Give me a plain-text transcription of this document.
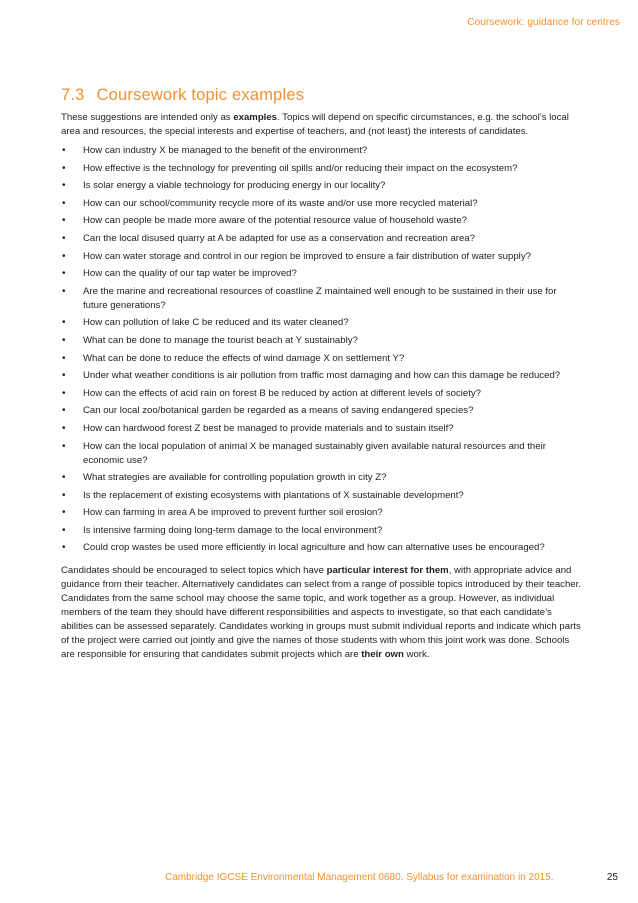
Coursework: guidance for centres
7.3 Coursework topic examples

These suggestions are intended only as examples. Topics will depend on specific circumstances, e.g. the school’s local area and resources, the special interests and expertise of teachers, and (not least) the interests of candidates.

• How can industry X be managed to the benefit of the environment?
• How effective is the technology for preventing oil spills and/or reducing their impact on the ecosystem?
• Is solar energy a viable technology for producing energy in our locality?
• How can our school/community recycle more of its waste and/or use more recycled material?
• How can people be made more aware of the potential resource value of household waste?
• Can the local disused quarry at A be adapted for use as a conservation and recreation area?
• How can water storage and control in our region be improved to ensure a fair distribution of water supply?
• How can the quality of our tap water be improved?
• Are the marine and recreational resources of coastline Z maintained well enough to be sustained in their use for future generations?
• How can pollution of lake C be reduced and its water cleaned?
• What can be done to manage the tourist beach at Y sustainably?
• What can be done to reduce the effects of wind damage X on settlement Y?
• Under what weather conditions is air pollution from traffic most damaging and how can this damage be reduced?
• How can the effects of acid rain on forest B be reduced by action at different levels of society?
• Can our local zoo/botanical garden be regarded as a means of saving endangered species?
• How can hardwood forest Z best be managed to provide materials and to sustain itself?
• How can the local population of animal X be managed sustainably given available natural resources and their economic use?
• What strategies are available for controlling population growth in city Z?
• Is the replacement of existing ecosystems with plantations of X sustainable development?
• How can farming in area A be improved to prevent further soil erosion?
• Is intensive farming doing long-term damage to the local environment?
• Could crop wastes be used more efficiently in local agriculture and how can alternative uses be encouraged?

Candidates should be encouraged to select topics which have particular interest for them, with appropriate advice and guidance from their teacher. Alternatively candidates can select from a range of possible topics introduced by their teacher. Candidates from the same school may choose the same topic, and work together as a group. However, as individual members of the team they should have different responsibilities and aspects to investigate, so that each candidate’s abilities can be assessed separately. Candidates working in groups must submit individual reports and indicate which parts of the project were carried out jointly and give the names of those students with whom this joint work was done. Schools are responsible for ensuring that candidates submit projects which are their own work.

Cambridge IGCSE Environmental Management 0680. Syllabus for examination in 2015.	25
